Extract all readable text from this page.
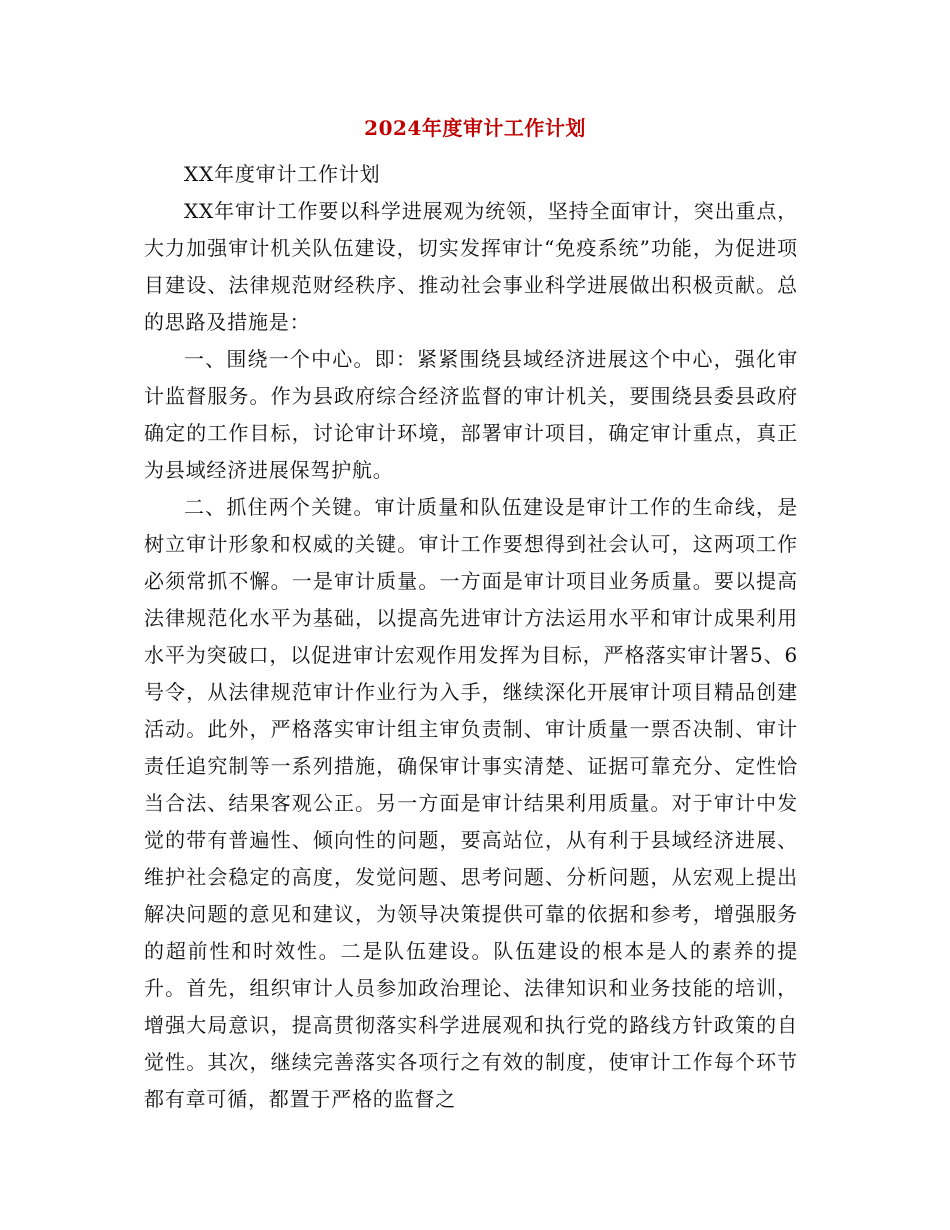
2024年度审计工作计划

XX年度审计工作计划

XX年审计工作要以科学进展观为统领，坚持全面审计，突出重点，大力加强审计机关队伍建设，切实发挥审计“免疫系统”功能，为促进项目建设、法律规范财经秩序、推动社会事业科学进展做出积极贡献。总的思路及措施是：

一、围绕一个中心。即：紧紧围绕县域经济进展这个中心，强化审计监督服务。作为县政府综合经济监督的审计机关，要围绕县委县政府确定的工作目标，讨论审计环境，部署审计项目，确定审计重点，真正为县域经济进展保驾护航。

二、抓住两个关键。审计质量和队伍建设是审计工作的生命线，是树立审计形象和权威的关键。审计工作要想得到社会认可，这两项工作必须常抓不懈。一是审计质量。一方面是审计项目业务质量。要以提高法律规范化水平为基础，以提高先进审计方法运用水平和审计成果利用水平为突破口，以促进审计宏观作用发挥为目标，严格落实审计署5、6号令，从法律规范审计作业行为入手，继续深化开展审计项目精品创建活动。此外，严格落实审计组主审负责制、审计质量一票否决制、审计责任追究制等一系列措施，确保审计事实清楚、证据可靠充分、定性恰当合法、结果客观公正。另一方面是审计结果利用质量。对于审计中发觉的带有普遍性、倾向性的问题，要高站位，从有利于县域经济进展、维护社会稳定的高度，发觉问题、思考问题、分析问题，从宏观上提出解决问题的意见和建议，为领导决策提供可靠的依据和参考，增强服务的超前性和时效性。二是队伍建设。队伍建设的根本是人的素养的提升。首先，组织审计人员参加政治理论、法律知识和业务技能的培训，增强大局意识，提高贯彻落实科学进展观和执行党的路线方针政策的自觉性。其次，继续完善落实各项行之有效的制度，使审计工作每个环节都有章可循，都置于严格的监督之
